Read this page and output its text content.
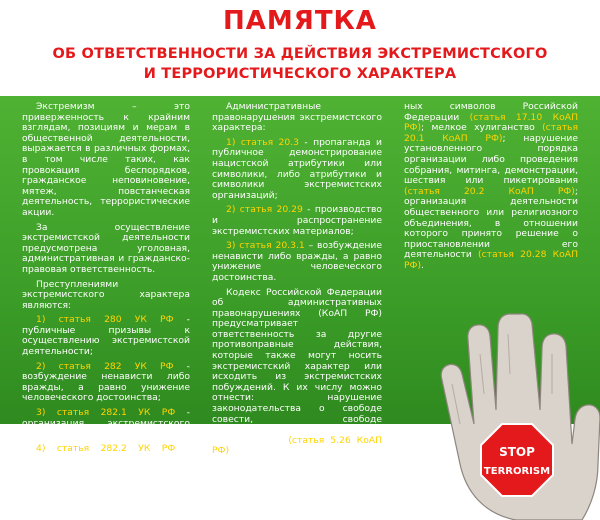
ПАМЯТКА
ОБ ОТВЕТСТВЕННОСТИ ЗА ДЕЙСТВИЯ ЭКСТРЕМИСТСКОГО
И ТЕРРОРИСТИЧЕСКОГО ХАРАКТЕРА

Экстремизм – это приверженность к крайним взглядам, позициям и мерам в общественной деятельности, выражается в различных формах, в том числе таких, как провокация беспорядков, гражданское неповиновение, мятеж, повстанческая деятельность, террористические акции.

За осуществление экстремистской деятельности предусмотрена уголовная, административная и гражданско-правовая ответственность.

Преступлениями экстремистского характера являются:

1) статья 280 УК РФ - публичные призывы к осуществлению экстремистской деятельности;

2) статья 282 УК РФ - возбуждение ненависти либо вражды, а равно унижение человеческого достоинства;

3) статья 282.1 УК РФ - организация экстремистского сообщества;

4) статья 282.2 УК РФ - организация деятельности экстремистской организации.

Административные правонарушения экстремистского характера:

1) статья 20.3 - пропаганда и публичное демонстрирование нацистской атрибутики или символики, либо атрибутики и символики экстремистских организаций;

2) статья 20.29 - производство и распространение экстремистских материалов;

3) статья 20.3.1 – возбуждение ненависти либо вражды, а равно унижение человеческого достоинства.

Кодекс Российской Федерации об административных правонарушениях (КоАП РФ) предусматривает ответственность за другие противоправные действия, которые также могут носить экстремистский характер или исходить из экстремистских побуждений. К их числу можно отнести: нарушение законодательства о свободе совести, свободе вероисповедания и о религиозных объединениях (статья 5.26 КоАП РФ); нарушение порядка официального использования государствен-

ных символов Российской Федерации (статья 17.10 КоАП РФ); мелкое хулиганство (статья 20.1 КоАП РФ); нарушение установленного порядка организации либо проведения собрания, митинга, демонстрации, шествия или пикетирования (статья 20.2 КоАП РФ); организация деятельности общественного или религиозного объединения, в отношении которого принято решение о приостановлении его деятельности (статья 20.28 КоАП РФ).

STOP
TERRORISM
